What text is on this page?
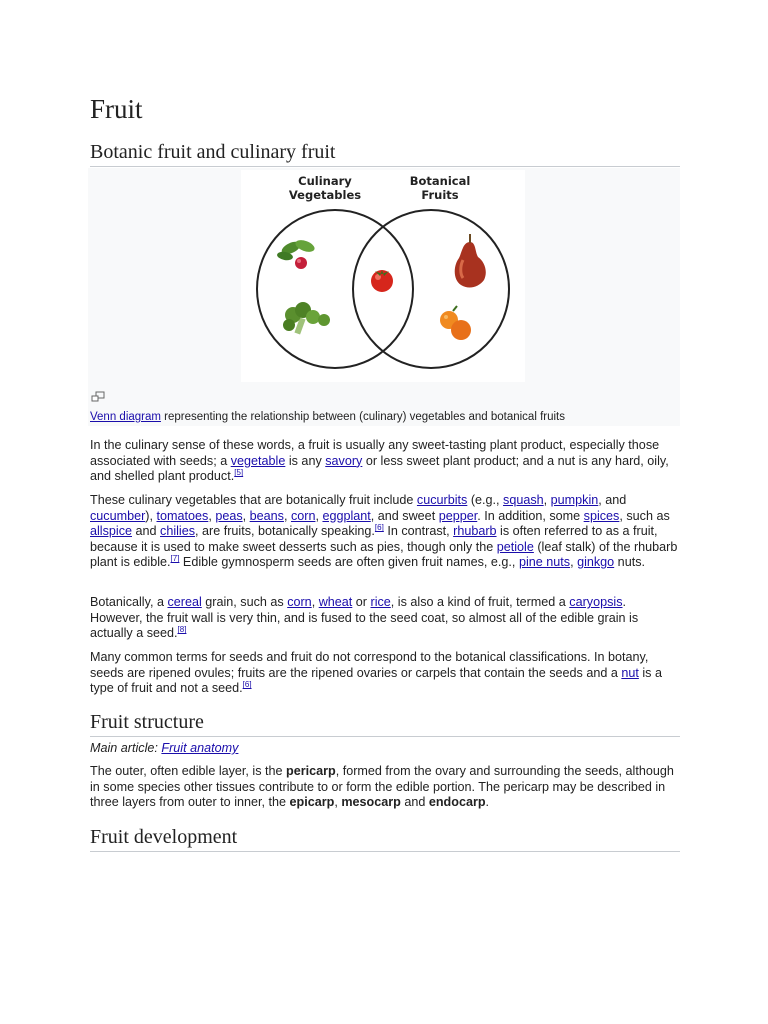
Fruit
Botanic fruit and culinary fruit
Culinary
Vegetables
Botanical
Fruits
Venn diagram representing the relationship between (culinary) vegetables and botanical fruits

In the culinary sense of these words, a fruit is usually any sweet-tasting plant product, especially those associated with seeds; a vegetable is any savory or less sweet plant product; and a nut is any hard, oily, and shelled plant product.[5]

These culinary vegetables that are botanically fruit include cucurbits (e.g., squash, pumpkin, and cucumber), tomatoes, peas, beans, corn, eggplant, and sweet pepper. In addition, some spices, such as allspice and chilies, are fruits, botanically speaking.[6] In contrast, rhubarb is often referred to as a fruit, because it is used to make sweet desserts such as pies, though only the petiole (leaf stalk) of the rhubarb plant is edible.[7] Edible gymnosperm seeds are often given fruit names, e.g., pine nuts, ginkgo nuts.

Botanically, a cereal grain, such as corn, wheat or rice, is also a kind of fruit, termed a caryopsis. However, the fruit wall is very thin, and is fused to the seed coat, so almost all of the edible grain is actually a seed.[8]

Many common terms for seeds and fruit do not correspond to the botanical classifications. In botany, seeds are ripened ovules; fruits are the ripened ovaries or carpels that contain the seeds and a nut is a type of fruit and not a seed.[6]

Fruit structure
Main article: Fruit anatomy

The outer, often edible layer, is the pericarp, formed from the ovary and surrounding the seeds, although in some species other tissues contribute to or form the edible portion. The pericarp may be described in three layers from outer to inner, the epicarp, mesocarp and endocarp.

Fruit development
